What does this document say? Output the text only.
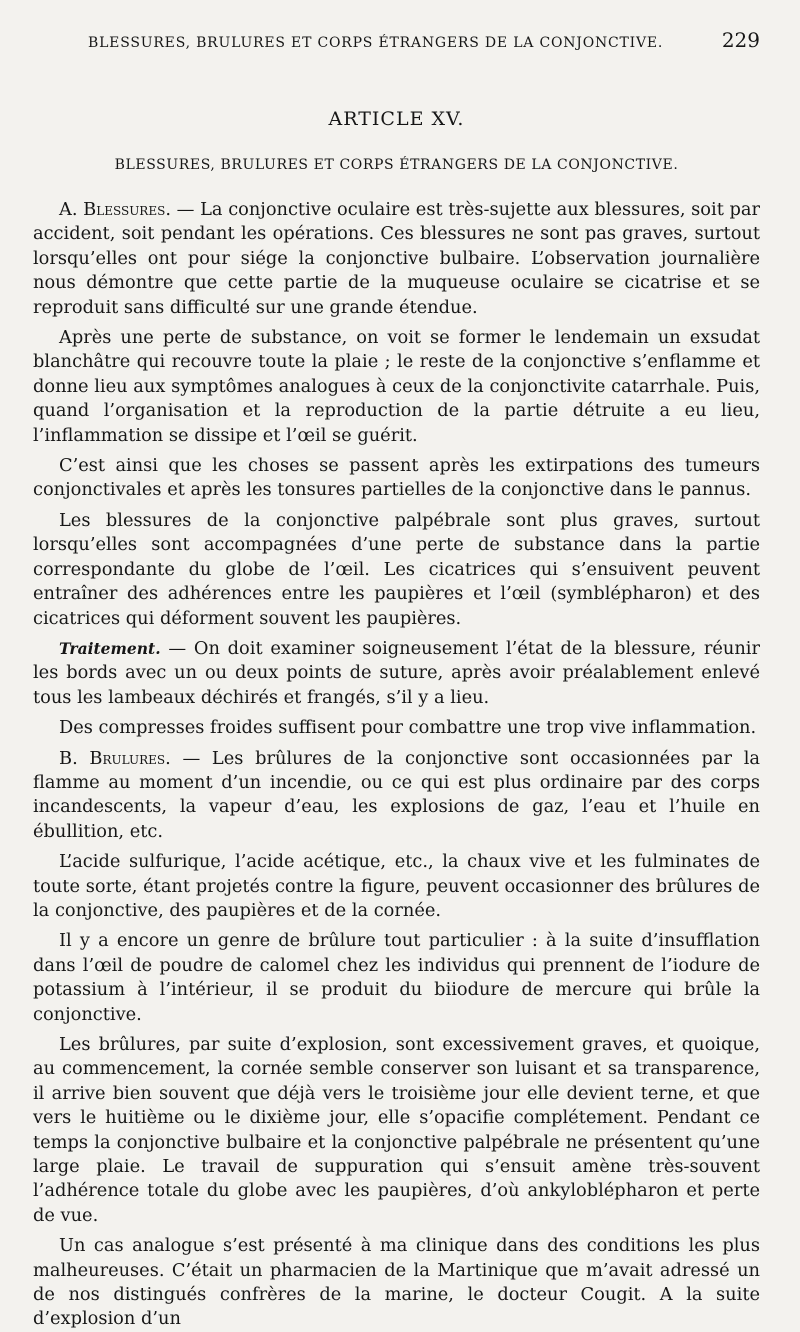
BLESSURES, BRULURES ET CORPS ÉTRANGERS DE LA CONJONCTIVE.	229
ARTICLE XV.
BLESSURES, BRULURES ET CORPS ÉTRANGERS DE LA CONJONCTIVE.

A. Blessures. — La conjonctive oculaire est très-sujette aux blessures, soit par accident, soit pendant les opérations. Ces blessures ne sont pas graves, surtout lorsqu’elles ont pour siége la conjonctive bulbaire. L’observation journalière nous démontre que cette partie de la muqueuse oculaire se cicatrise et se reproduit sans difficulté sur une grande étendue.

Après une perte de substance, on voit se former le lendemain un exsudat blanchâtre qui recouvre toute la plaie ; le reste de la conjonctive s’enflamme et donne lieu aux symptômes analogues à ceux de la conjonctivite catarrhale. Puis, quand l’organisation et la reproduction de la partie détruite a eu lieu, l’inflammation se dissipe et l’œil se guérit.

C’est ainsi que les choses se passent après les extirpations des tumeurs conjonctivales et après les tonsures partielles de la conjonctive dans le pannus.

Les blessures de la conjonctive palpébrale sont plus graves, surtout lorsqu’elles sont accompagnées d’une perte de substance dans la partie correspondante du globe de l’œil. Les cicatrices qui s’ensuivent peuvent entraîner des adhérences entre les paupières et l’œil (symblépharon) et des cicatrices qui déforment souvent les paupières.

Traitement. — On doit examiner soigneusement l’état de la blessure, réunir les bords avec un ou deux points de suture, après avoir préalablement enlevé tous les lambeaux déchirés et frangés, s’il y a lieu.

Des compresses froides suffisent pour combattre une trop vive inflammation.

B. Brulures. — Les brûlures de la conjonctive sont occasionnées par la flamme au moment d’un incendie, ou ce qui est plus ordinaire par des corps incandescents, la vapeur d’eau, les explosions de gaz, l’eau et l’huile en ébullition, etc.

L’acide sulfurique, l’acide acétique, etc., la chaux vive et les fulminates de toute sorte, étant projetés contre la figure, peuvent occasionner des brûlures de la conjonctive, des paupières et de la cornée.

Il y a encore un genre de brûlure tout particulier : à la suite d’insufflation dans l’œil de poudre de calomel chez les individus qui prennent de l’iodure de potassium à l’intérieur, il se produit du biiodure de mercure qui brûle la conjonctive.

Les brûlures, par suite d’explosion, sont excessivement graves, et quoique, au commencement, la cornée semble conserver son luisant et sa transparence, il arrive bien souvent que déjà vers le troisième jour elle devient terne, et que vers le huitième ou le dixième jour, elle s’opacifie complétement. Pendant ce temps la conjonctive bulbaire et la conjonctive palpébrale ne présentent qu’une large plaie. Le travail de suppuration qui s’ensuit amène très-souvent l’adhérence totale du globe avec les paupières, d’où ankyloblépharon et perte de vue.

Un cas analogue s’est présenté à ma clinique dans des conditions les plus malheureuses. C’était un pharmacien de la Martinique que m’avait adressé un de nos distingués confrères de la marine, le docteur Cougit. A la suite d’explosion d’un
